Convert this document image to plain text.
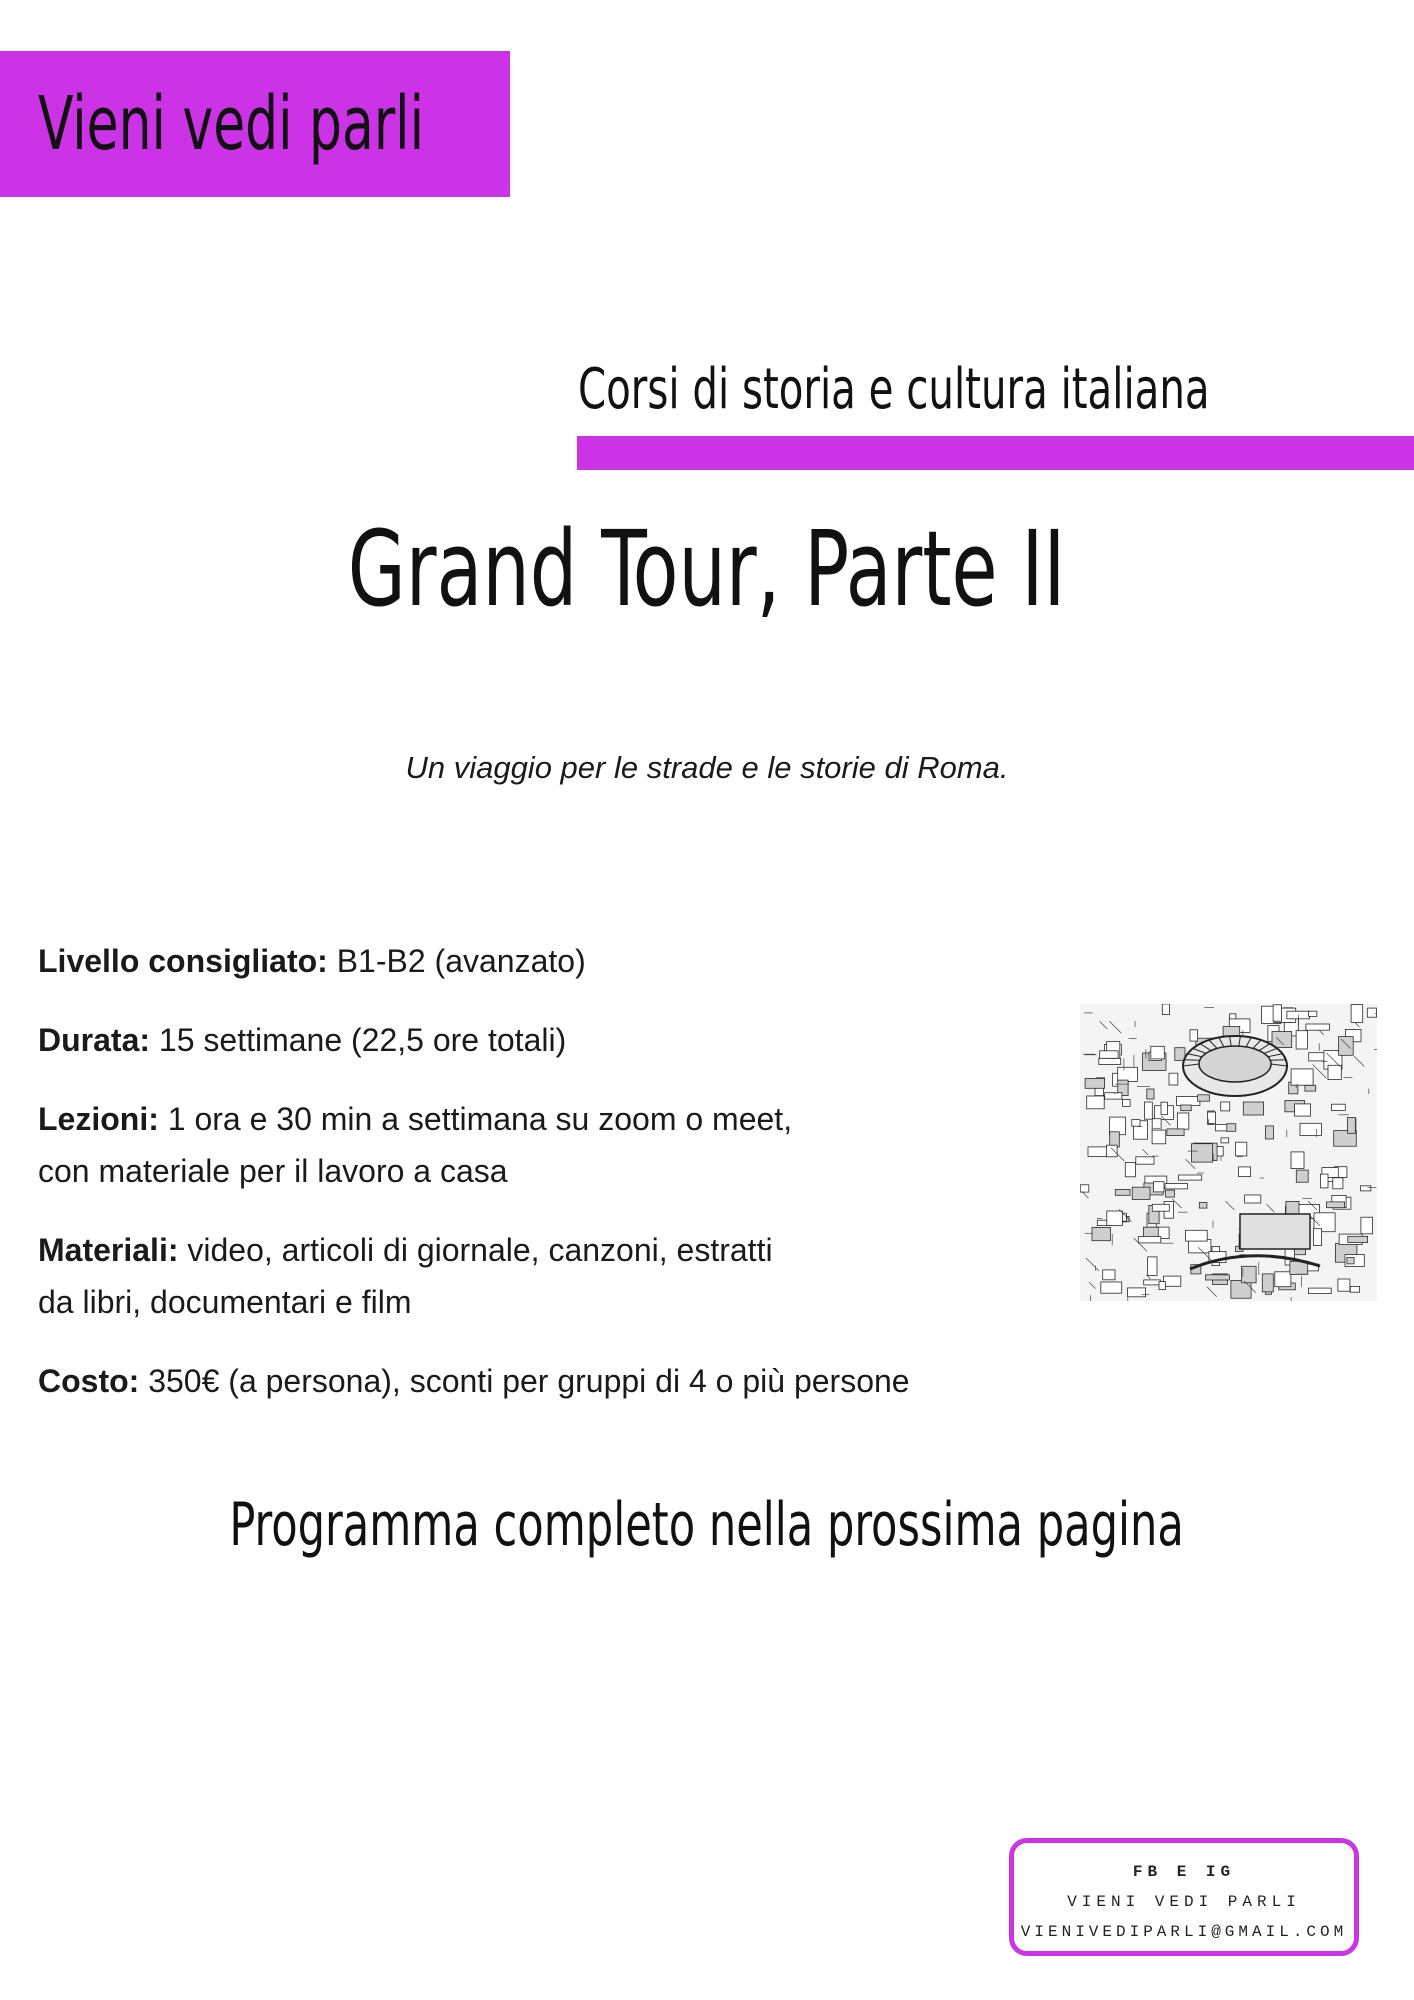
Vieni vedi parli
Corsi di storia e cultura italiana
Grand Tour, Parte II
Un viaggio per le strade e le storie di Roma.
Livello consigliato: B1-B2 (avanzato)
Durata: 15 settimane (22,5 ore totali)
Lezioni: 1 ora e 30 min a settimana su zoom o meet,
con materiale per il lavoro a casa
Materiali: video, articoli di giornale, canzoni, estratti
da libri, documentari e film
Costo: 350€ (a persona), sconti per gruppi di 4 o più persone
Programma completo nella prossima pagina
FB E IG
VIENI VEDI PARLI
VIENIVEDIPARLI@GMAIL.COM
